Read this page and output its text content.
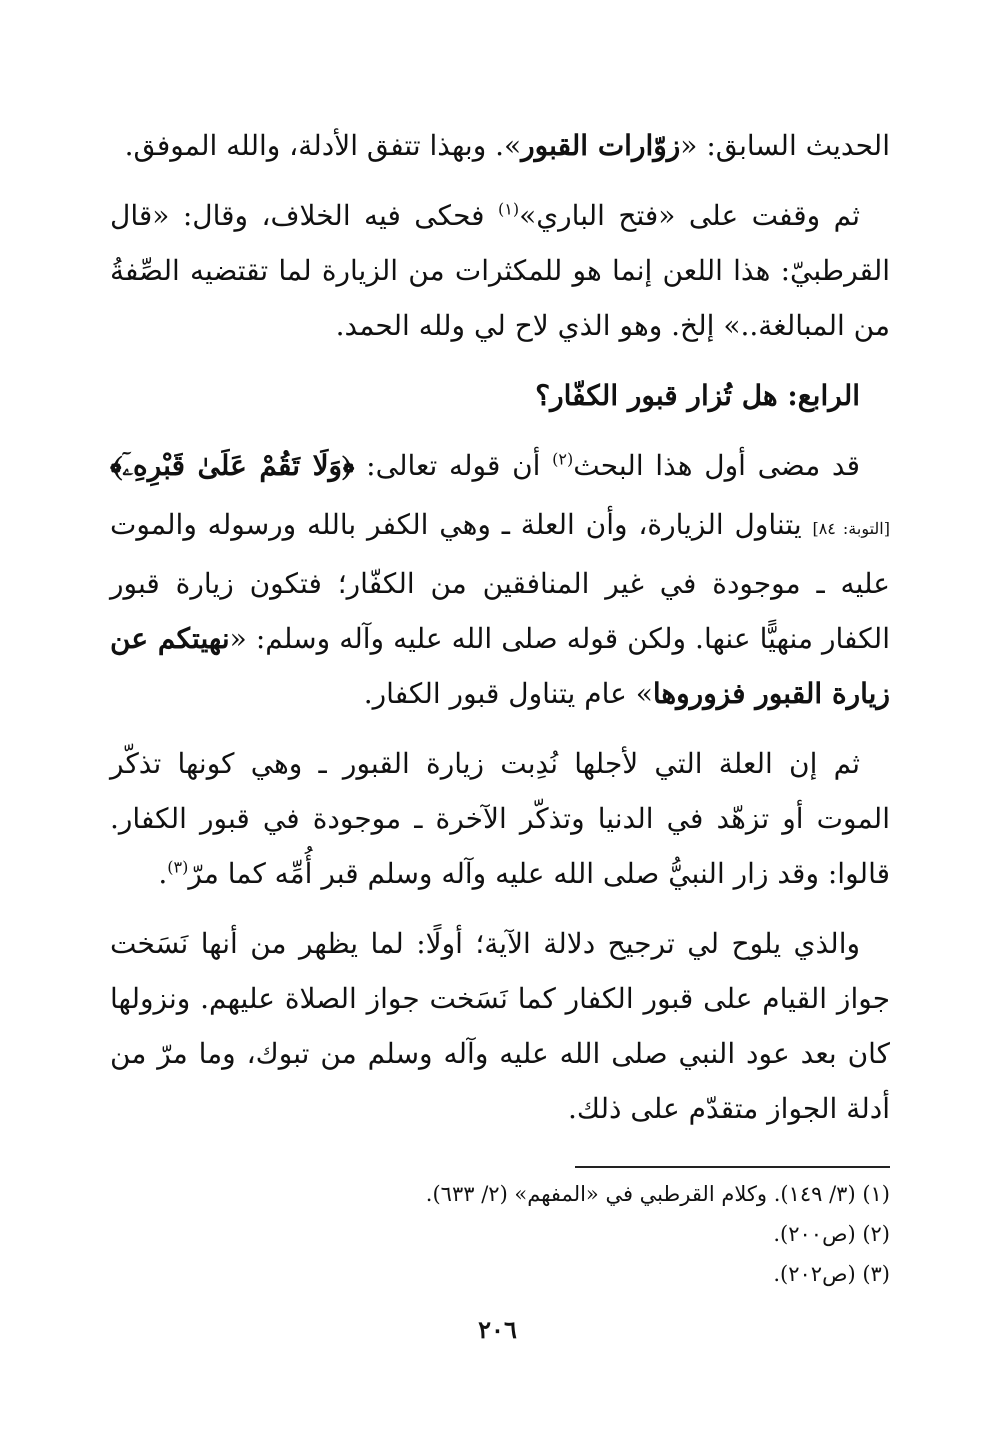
الحديث السابق: «زوّارات القبور». وبهذا تتفق الأدلة، والله الموفق.

ثم وقفت على «فتح الباري»$^{(١)}$ فحكى فيه الخلاف، وقال: «قال القرطبيّ: هذا اللعن إنما هو للمكثرات من الزيارة لما تقتضيه الصِّفةُ من المبالغة..» إلخ. وهو الذي لاح لي ولله الحمد.

الرابع: هل تُزار قبور الكفّار؟

قد مضى أول هذا البحث$^{(٢)}$ أن قوله تعالى: ﴿وَلَا تَقُمْ عَلَىٰ قَبْرِهِۦٓ﴾ [التوبة: ٨٤] يتناول الزيارة، وأن العلة ـ وهي الكفر بالله ورسوله والموت عليه ـ موجودة في غير المنافقين من الكفّار؛ فتكون زيارة قبور الكفار منهيًّا عنها. ولكن قوله صلى الله عليه وآله وسلم: «نهيتكم عن زيارة القبور فزوروها» عام يتناول قبور الكفار.

ثم إن العلة التي لأجلها نُدِبت زيارة القبور ـ وهي كونها تذكّر الموت أو تزهّد في الدنيا وتذكّر الآخرة ـ موجودة في قبور الكفار. قالوا: وقد زار النبيُّ صلى الله عليه وآله وسلم قبر أُمِّه كما مرّ$^{(٣)}$.

والذي يلوح لي ترجيح دلالة الآية؛ أولًا: لما يظهر من أنها نَسَخت جواز القيام على قبور الكفار كما نَسَخت جواز الصلاة عليهم. ونزولها كان بعد عود النبي صلى الله عليه وآله وسلم من تبوك، وما مرّ من أدلة الجواز متقدّم على ذلك.

(١) (٣/ ١٤٩). وكلام القرطبي في «المفهم» (٢/ ٦٣٣).

(٢) (ص٢٠٠).

(٣) (ص٢٠٢).

٢٠٦
